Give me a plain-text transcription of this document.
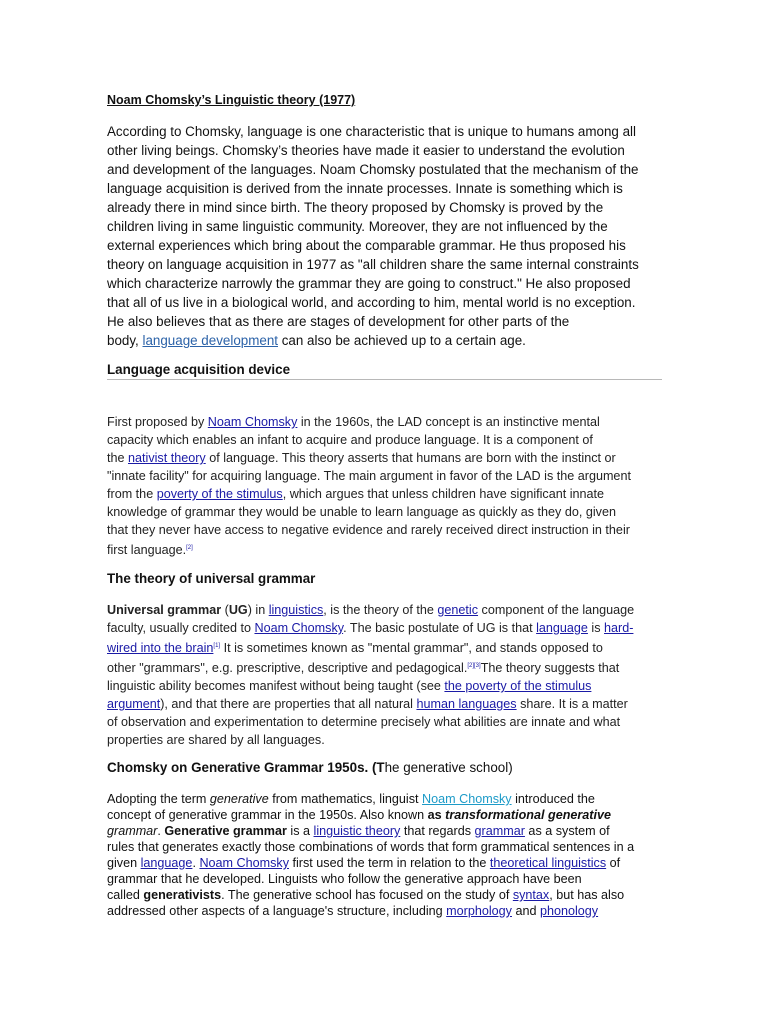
Noam Chomsky’s Linguistic theory (1977)
According to Chomsky, language is one characteristic that is unique to humans among all
other living beings. Chomsky’s theories have made it easier to understand the evolution
and development of the languages. Noam Chomsky postulated that the mechanism of the
language acquisition is derived from the innate processes. Innate is something which is
already there in mind since birth. The theory proposed by Chomsky is proved by the
children living in same linguistic community. Moreover, they are not influenced by the
external experiences which bring about the comparable grammar. He thus proposed his
theory on language acquisition in 1977 as "all children share the same internal constraints
which characterize narrowly the grammar they are going to construct." He also proposed
that all of us live in a biological world, and according to him, mental world is no exception.
He also believes that as there are stages of development for other parts of the
body, language development can also be achieved up to a certain age.
Language acquisition device
First proposed by Noam Chomsky in the 1960s, the LAD concept is an instinctive mental
capacity which enables an infant to acquire and produce language. It is a component of
the nativist theory of language. This theory asserts that humans are born with the instinct or
"innate facility" for acquiring language. The main argument in favor of the LAD is the argument
from the poverty of the stimulus, which argues that unless children have significant innate
knowledge of grammar they would be unable to learn language as quickly as they do, given
that they never have access to negative evidence and rarely received direct instruction in their
first language.[2]
The theory of universal grammar
Universal grammar (UG) in linguistics, is the theory of the genetic component of the language
faculty, usually credited to Noam Chomsky. The basic postulate of UG is that language is hard-
wired into the brain[1] It is sometimes known as "mental grammar", and stands opposed to
other "grammars", e.g. prescriptive, descriptive and pedagogical.[2][3]The theory suggests that
linguistic ability becomes manifest without being taught (see the poverty of the stimulus
argument), and that there are properties that all natural human languages share. It is a matter
of observation and experimentation to determine precisely what abilities are innate and what
properties are shared by all languages.
Chomsky on Generative Grammar 1950s. (The generative school)
Adopting the term generative from mathematics, linguist Noam Chomsky introduced the
concept of generative grammar in the 1950s. Also known as transformational generative
grammar. Generative grammar is a linguistic theory that regards grammar as a system of
rules that generates exactly those combinations of words that form grammatical sentences in a
given language. Noam Chomsky first used the term in relation to the theoretical linguistics of
grammar that he developed. Linguists who follow the generative approach have been
called generativists. The generative school has focused on the study of syntax, but has also
addressed other aspects of a language's structure, including morphology and phonology
